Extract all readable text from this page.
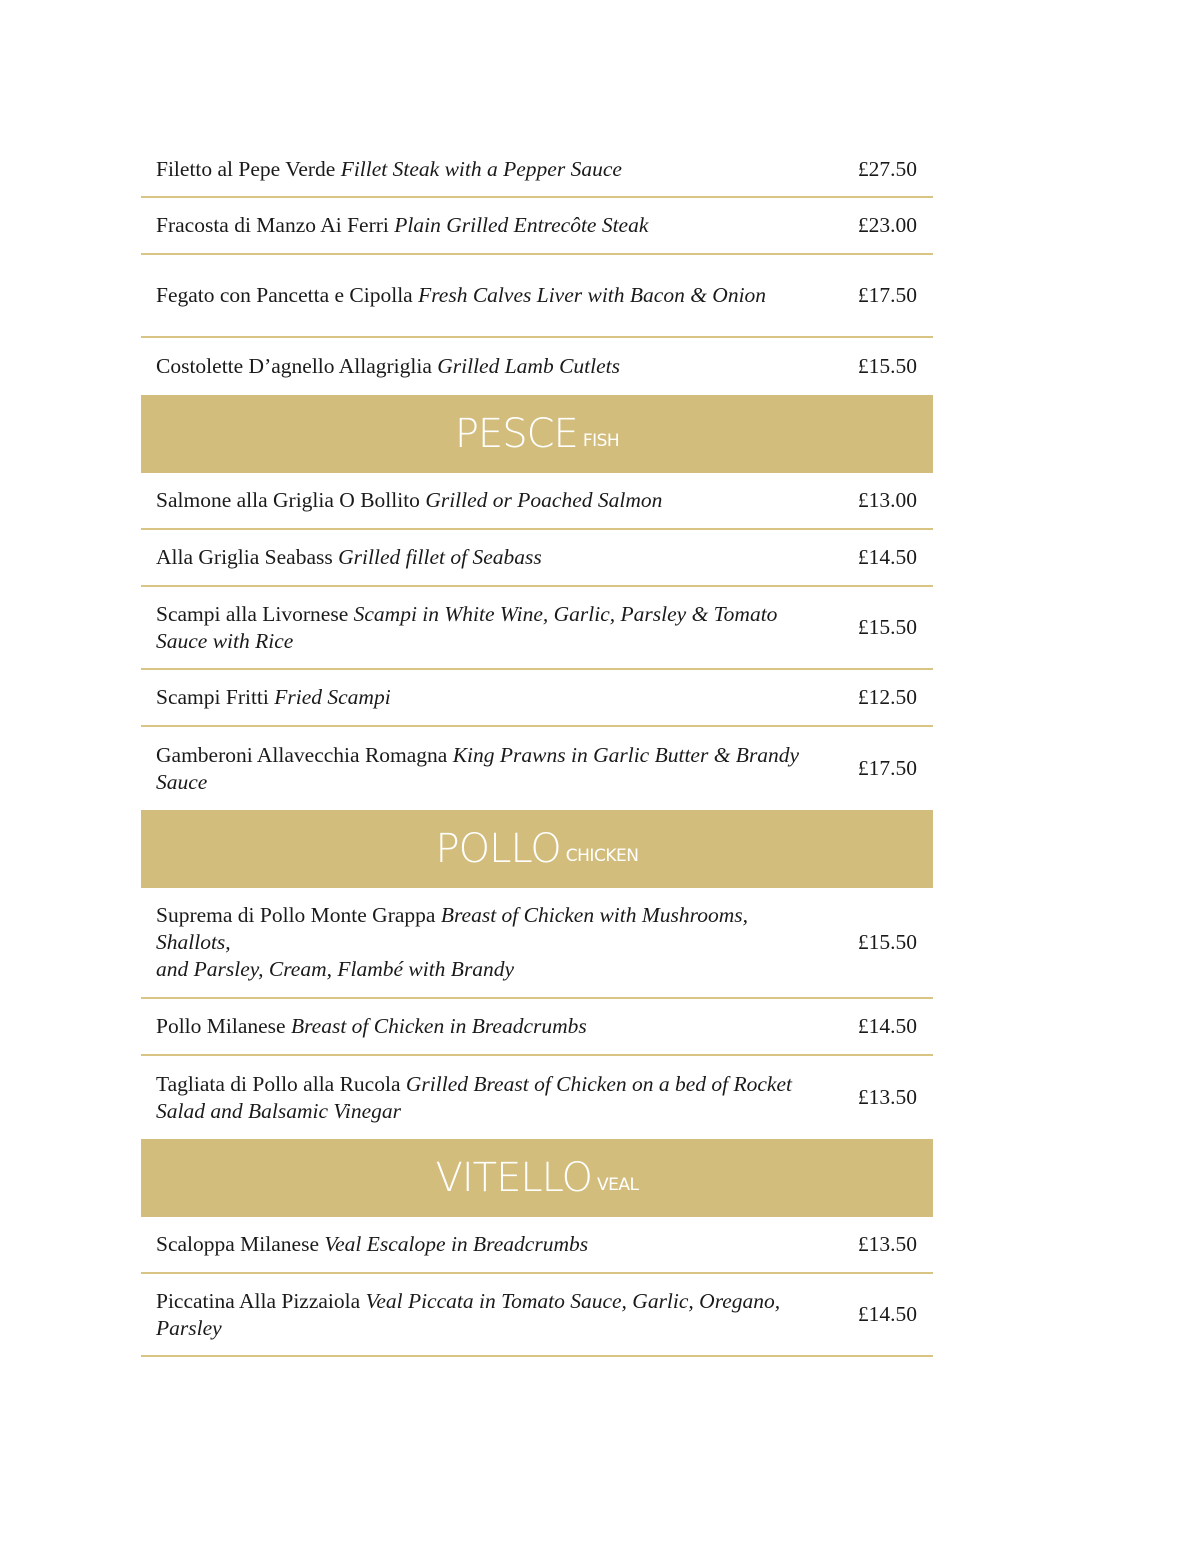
Filetto al Pepe Verde Fillet Steak with a Pepper Sauce	£27.50
Fracosta di Manzo Ai Ferri Plain Grilled Entrecôte Steak	£23.00
Fegato con Pancetta e Cipolla Fresh Calves Liver with Bacon & Onion	£17.50
Costolette D’agnello Allagriglia Grilled Lamb Cutlets	£15.50
PESCE FISH
Salmone alla Griglia O Bollito Grilled or Poached Salmon	£13.00
Alla Griglia Seabass Grilled fillet of Seabass	£14.50
Scampi alla Livornese Scampi in White Wine, Garlic, Parsley & Tomato Sauce with Rice
£15.50
Scampi Fritti Fried Scampi	£12.50
Gamberoni Allavecchia Romagna King Prawns in Garlic Butter & Brandy Sauce
£17.50
POLLO CHICKEN
Suprema di Pollo Monte Grappa Breast of Chicken with Mushrooms, Shallots,
and Parsley, Cream, Flambé with Brandy
£15.50
Pollo Milanese Breast of Chicken in Breadcrumbs	£14.50
Tagliata di Pollo alla Rucola Grilled Breast of Chicken on a bed of Rocket Salad and Balsamic Vinegar
£13.50
VITELLO VEAL
Scaloppa Milanese Veal Escalope in Breadcrumbs	£13.50
Piccatina Alla Pizzaiola Veal Piccata in Tomato Sauce, Garlic, Oregano, Parsley
£14.50
